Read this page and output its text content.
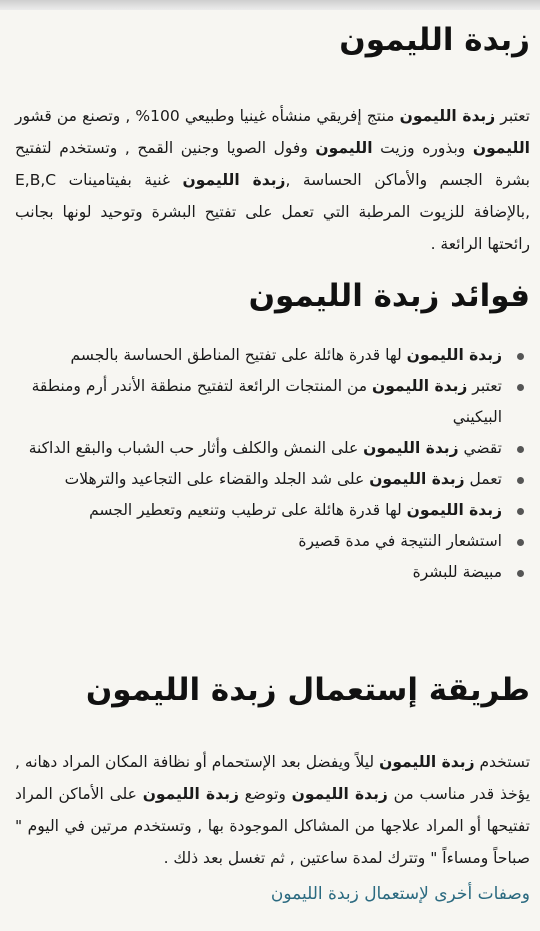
زبدة الليمون

تعتبر زبدة الليمون منتج إفريقي منشأه غينيا وطبيعي 100% , وتصنع من قشور الليمون وبذوره وزيت الليمون وفول الصويا وجنين القمح , وتستخدم لتفتيح بشرة الجسم والأماكن الحساسة ,زبدة الليمون غنية بفيتامينات E,B,C ,بالإضافة للزيوت المرطبة التي تعمل على تفتيح البشرة وتوحيد لونها بجانب رائحتها الرائعة .

فوائد زبدة الليمون
زبدة الليمون لها قدرة هائلة على تفتيح المناطق الحساسة بالجسم
تعتبر زبدة الليمون من المنتجات الرائعة لتفتيح منطقة الأندر أرم ومنطقة البيكيني
تقضي زبدة الليمون على النمش والكلف وأثار حب الشباب والبقع الداكنة
تعمل زبدة الليمون على شد الجلد والقضاء على التجاعيد والترهلات
زبدة الليمون لها قدرة هائلة على ترطيب وتنعيم وتعطير الجسم
استشعار النتيجة في مدة قصيرة
مبيضة للبشرة
طريقة إستعمال زبدة الليمون

تستخدم زبدة الليمون ليلاً ويفضل بعد الإستحمام أو نظافة المكان المراد دهانه , يؤخذ قدر مناسب من زبدة الليمون وتوضع زبدة الليمون على الأماكن المراد تفتيحها أو المراد علاجها من المشاكل الموجودة بها , وتستخدم مرتين في اليوم " صباحاً ومساءاً " وتترك لمدة ساعتين , ثم تغسل بعد ذلك .

وصفات أخرى لإستعمال زبدة الليمون
